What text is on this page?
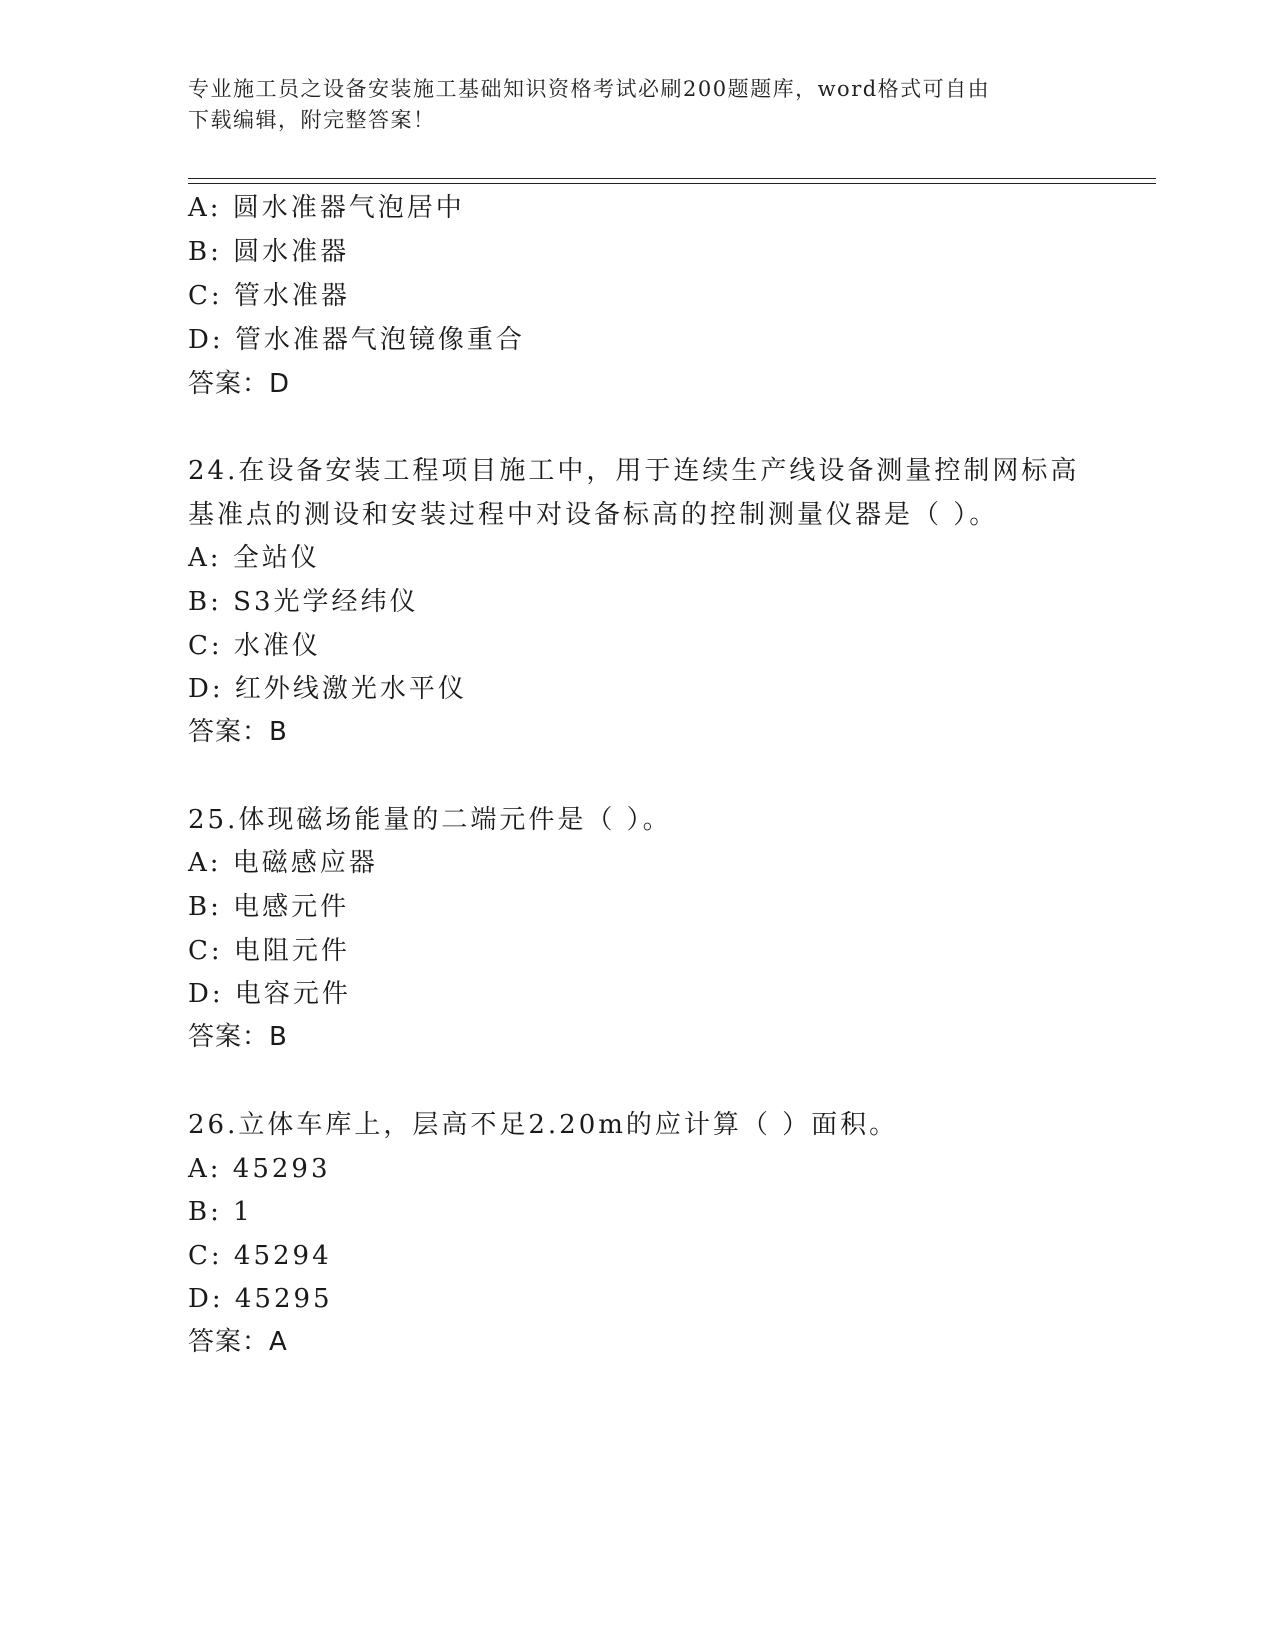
专业施工员之设备安装施工基础知识资格考试必刷200题题库，word格式可自由
下载编辑，附完整答案！
A: 圆水准器气泡居中
B: 圆水准器
C: 管水准器
D: 管水准器气泡镜像重合
答案：D
24.在设备安装工程项目施工中，用于连续生产线设备测量控制网标高
基准点的测设和安装过程中对设备标高的控制测量仪器是（ ）。
A: 全站仪
B: S3光学经纬仪
C: 水准仪
D: 红外线激光水平仪
答案：B
25.体现磁场能量的二端元件是（ ）。
A: 电磁感应器
B: 电感元件
C: 电阻元件
D: 电容元件
答案：B
26.立体车库上，层高不足2.20m的应计算（ ）面积。
A: 45293
B: 1
C: 45294
D: 45295
答案：A
